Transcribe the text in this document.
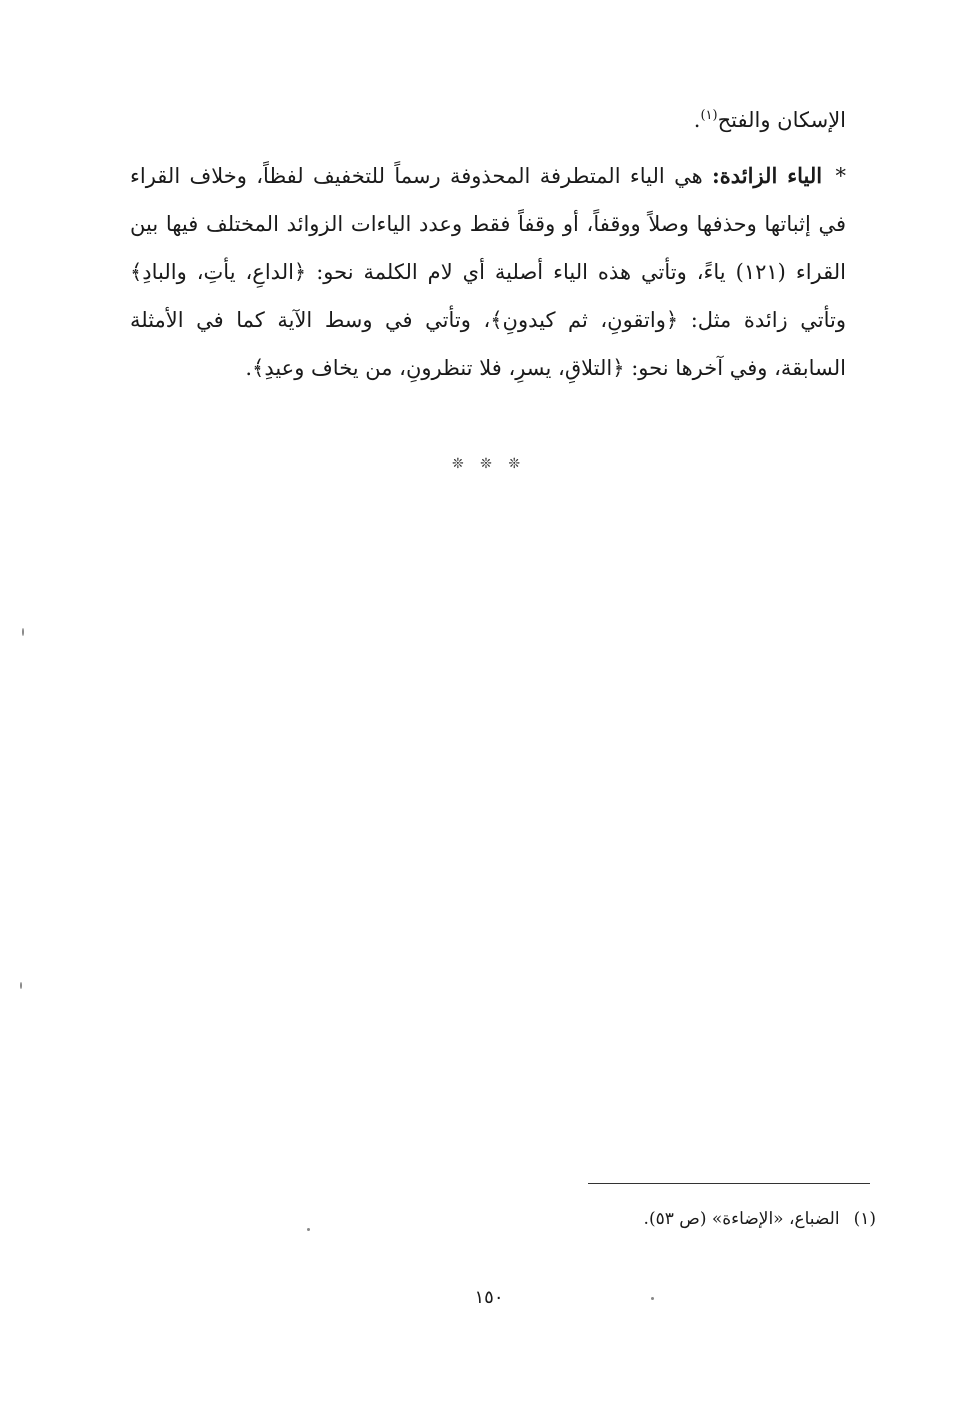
الإسكان والفتح$^{(١)}$.
* الياء الزائدة: هي الياء المتطرفة المحذوفة رسماً للتخفيف لفظاً، وخلاف القراء في إثباتها وحذفها وصلاً ووقفاً، أو وقفاً فقط وعدد الياءات الزوائد المختلف فيها بين القراء (١٢١) ياءً، وتأتي هذه الياء أصلية أي لام الكلمة نحو: ﴿الداعِ، يأتِ، والبادِ﴾ وتأتي زائدة مثل: ﴿واتقونِ، ثم كيدونِ﴾، وتأتي في وسط الآية كما في الأمثلة السابقة، وفي آخرها نحو: ﴿التلاقِ، يسرِ، فلا تنظرونِ، من يخاف وعيدِ﴾.
❊ ❊ ❊
(١)الضباع، «الإضاءة» (ص ٥٣).
١٥٠
